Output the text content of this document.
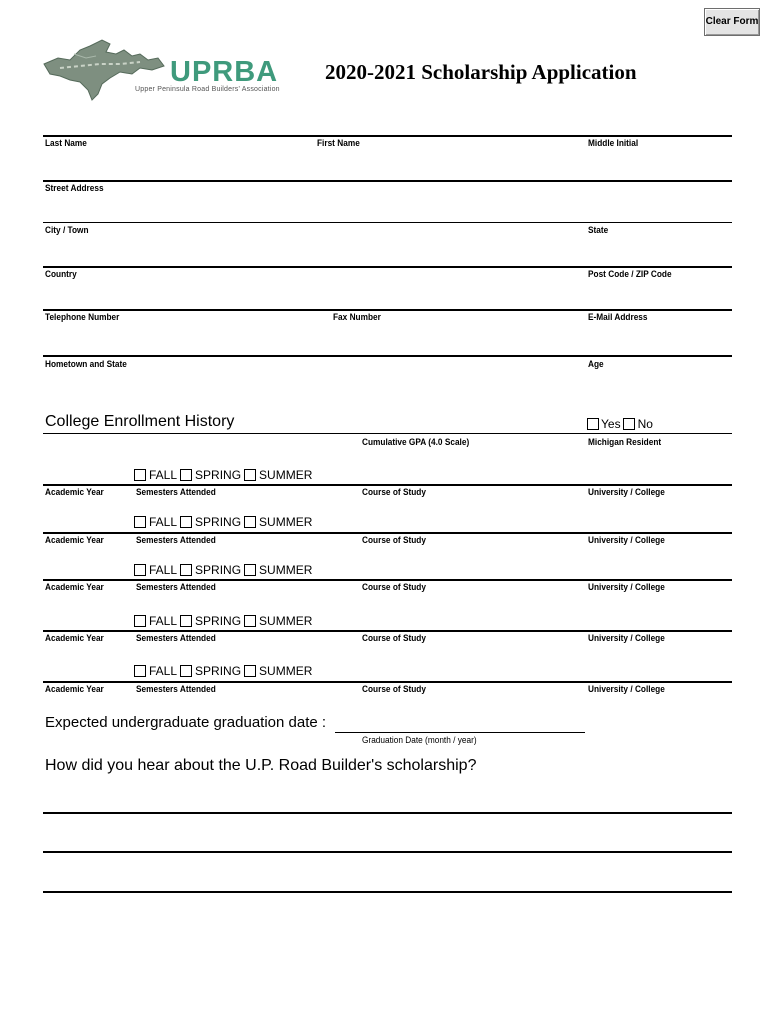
Clear Form
UPRBA
Upper Peninsula Road Builders' Association
2020-2021 Scholarship Application
Last Name	First Name	Middle Initial
Street Address
City / Town	State
Country	Post Code / ZIP Code
Telephone Number	Fax Number	E-Mail Address
Hometown and State	Age
College Enrollment History	Yes No
Cumulative GPA (4.0 Scale)	Michigan Resident
FALL SPRING SUMMER
Academic Year	Semesters Attended	Course of Study	University / College
FALL SPRING SUMMER
Academic Year	Semesters Attended	Course of Study	University / College
FALL SPRING SUMMER
Academic Year	Semesters Attended	Course of Study	University / College
FALL SPRING SUMMER
Academic Year	Semesters Attended	Course of Study	University / College
FALL SPRING SUMMER
Academic Year	Semesters Attended	Course of Study	University / College
Expected undergraduate graduation date :
Graduation Date (month / year)
How did you hear about the U.P. Road Builder's scholarship?
